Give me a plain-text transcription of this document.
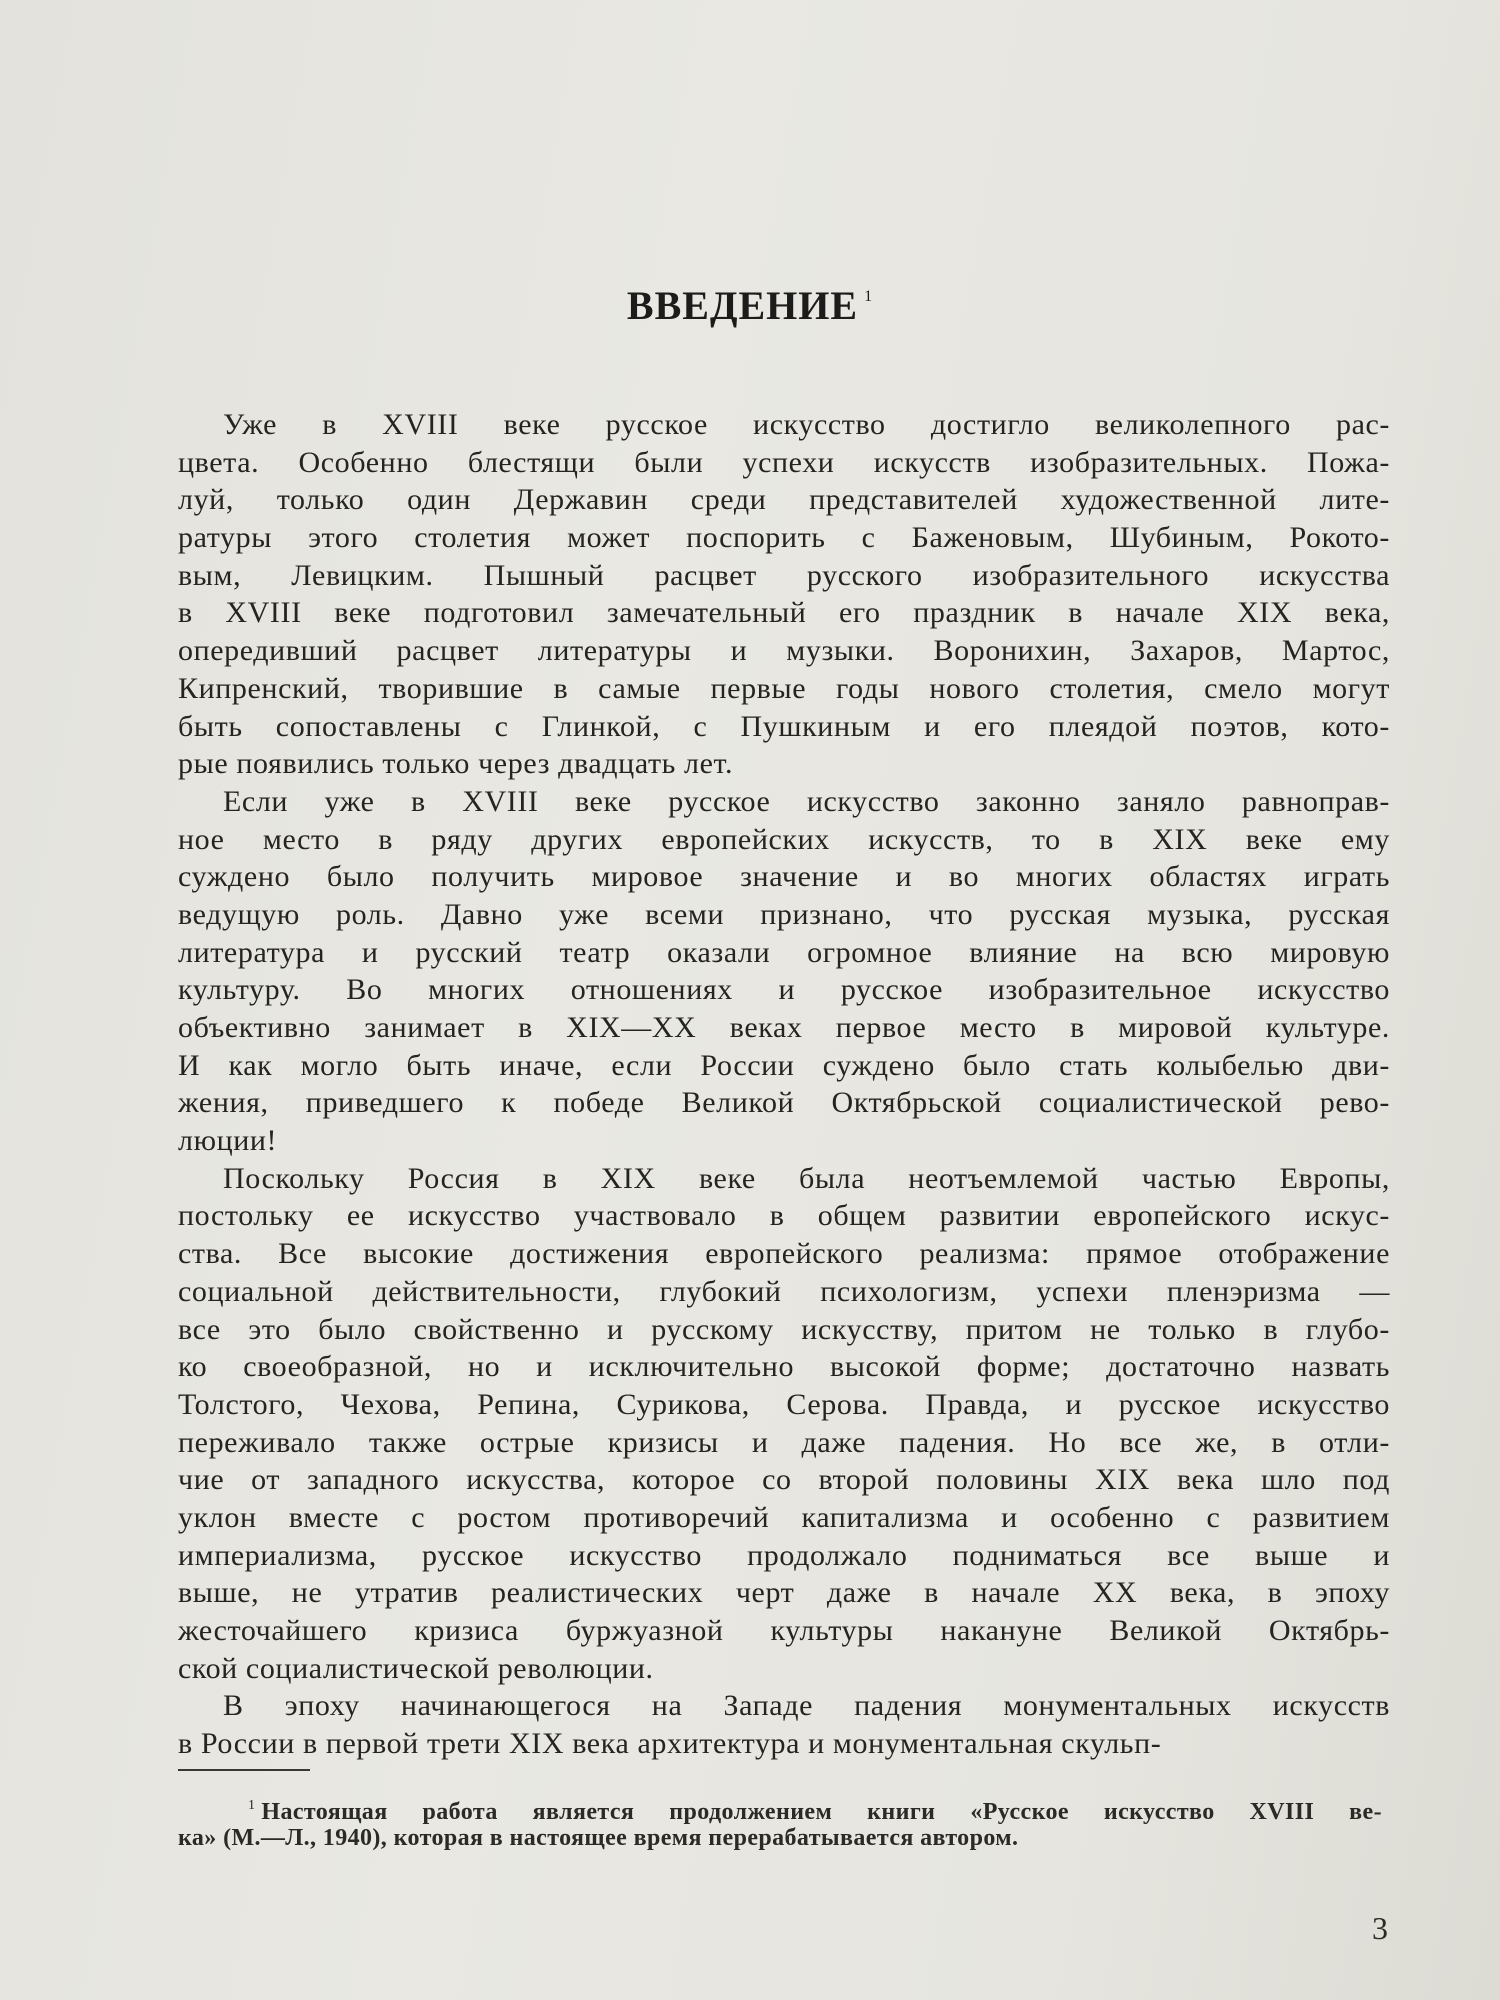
ВВЕДЕНИЕ $^1$
Уже в XVIII веке русское искусство достигло великолепного рас-
цвета. Особенно блестящи были успехи искусств изобразительных. Пожа-
луй, только один Державин среди представителей художественной лите-
ратуры этого столетия может поспорить с Баженовым, Шубиным, Рокото-
вым, Левицким. Пышный расцвет русского изобразительного искусства
в XVIII веке подготовил замечательный его праздник в начале XIX века,
опередивший расцвет литературы и музыки. Воронихин, Захаров, Мартос,
Кипренский, творившие в самые первые годы нового столетия, смело могут
быть сопоставлены с Глинкой, с Пушкиным и его плеядой поэтов, кото-
рые появились только через двадцать лет.
Если уже в XVIII веке русское искусство законно заняло равноправ-
ное место в ряду других европейских искусств, то в XIX веке ему
суждено было получить мировое значение и во многих областях играть
ведущую роль. Давно уже всеми признано, что русская музыка, русская
литература и русский театр оказали огромное влияние на всю мировую
культуру. Во многих отношениях и русское изобразительное искусство
объективно занимает в XIX—XX веках первое место в мировой культуре.
И как могло быть иначе, если России суждено было стать колыбелью дви-
жения, приведшего к победе Великой Октябрьской социалистической рево-
люции!
Поскольку Россия в XIX веке была неотъемлемой частью Европы,
постольку ее искусство участвовало в общем развитии европейского искус-
ства. Все высокие достижения европейского реализма: прямое отображение
социальной действительности, глубокий психологизм, успехи пленэризма —
все это было свойственно и русскому искусству, притом не только в глубо-
ко своеобразной, но и исключительно высокой форме; достаточно назвать
Толстого, Чехова, Репина, Сурикова, Серова. Правда, и русское искусство
переживало также острые кризисы и даже падения. Но все же, в отли-
чие от западного искусства, которое со второй половины XIX века шло под
уклон вместе с ростом противоречий капитализма и особенно с развитием
империализма, русское искусство продолжало подниматься все выше и
выше, не утратив реалистических черт даже в начале XX века, в эпоху
жесточайшего кризиса буржуазной культуры накануне Великой Октябрь-
ской социалистической революции.
В эпоху начинающегося на Западе падения монументальных искусств
в России в первой трети XIX века архитектура и монументальная скульп-
$^1$ Настоящая работа является продолжением книги «Русское искусство XVIII ве-
ка» (М.—Л., 1940), которая в настоящее время перерабатывается автором.
3
